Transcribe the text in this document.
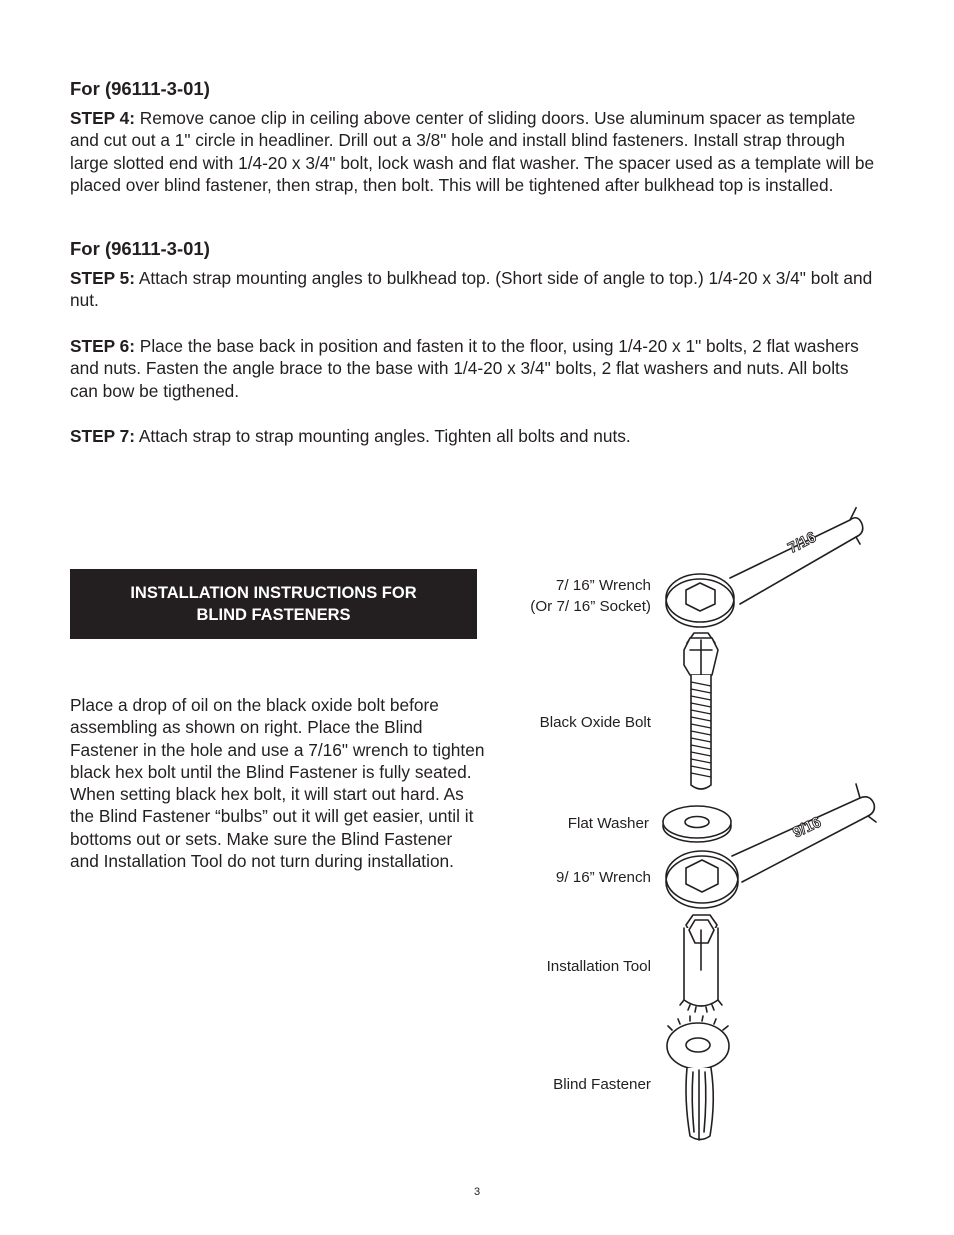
For (96111-3-01)

STEP 4: Remove canoe clip in ceiling above center of sliding doors. Use aluminum spacer as template and cut out a 1" circle in headliner. Drill out a 3/8" hole and install blind fasteners. Install strap through large slotted end with 1/4-20 x 3/4" bolt, lock wash and flat washer. The spacer used as a template will be placed over blind fastener, then strap, then bolt. This will be tightened after bulkhead top is installed.

For (96111-3-01)

STEP 5: Attach strap mounting angles to bulkhead top. (Short side of angle to top.) 1/4-20 x 3/4" bolt and nut.

STEP 6: Place the base back in position and fasten it to the floor, using 1/4-20 x 1" bolts, 2 flat washers and nuts. Fasten the angle brace to the base with 1/4-20 x 3/4" bolts, 2 flat washers and nuts. All bolts can bow be tigthened.

STEP 7: Attach strap to strap mounting angles. Tighten all bolts and nuts.

INSTALLATION INSTRUCTIONS FOR
BLIND FASTENERS

Place a drop of oil on the black oxide bolt before assembling as shown on right. Place the Blind Fastener in the hole and use a 7/16" wrench to tighten black hex bolt until the Blind Fastener is fully seated. When setting black hex bolt, it will start out hard. As the Blind Fastener “bulbs” out it will get easier, until it bottoms out or sets. Make sure the Blind Fastener and Installation Tool do not turn during installation.

7/ 16” Wrench
(Or 7/ 16” Socket)
Black Oxide Bolt
Flat Washer
9/ 16” Wrench
Installation Tool
Blind Fastener
7/16
9/16
3
